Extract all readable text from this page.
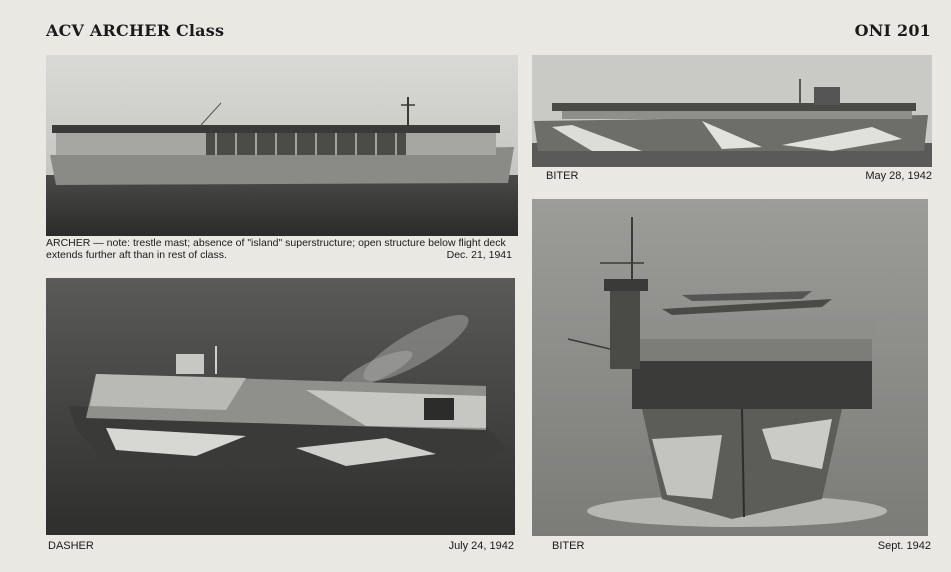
ACV ARCHER Class	ONI 201
ARCHER — note: trestle mast; absence of "island" superstructure; open structure below flight deck extends further aft than in rest of class.	Dec. 21, 1941
BITER	May 28, 1942
DASHER	July 24, 1942	BITER	Sept. 1942
